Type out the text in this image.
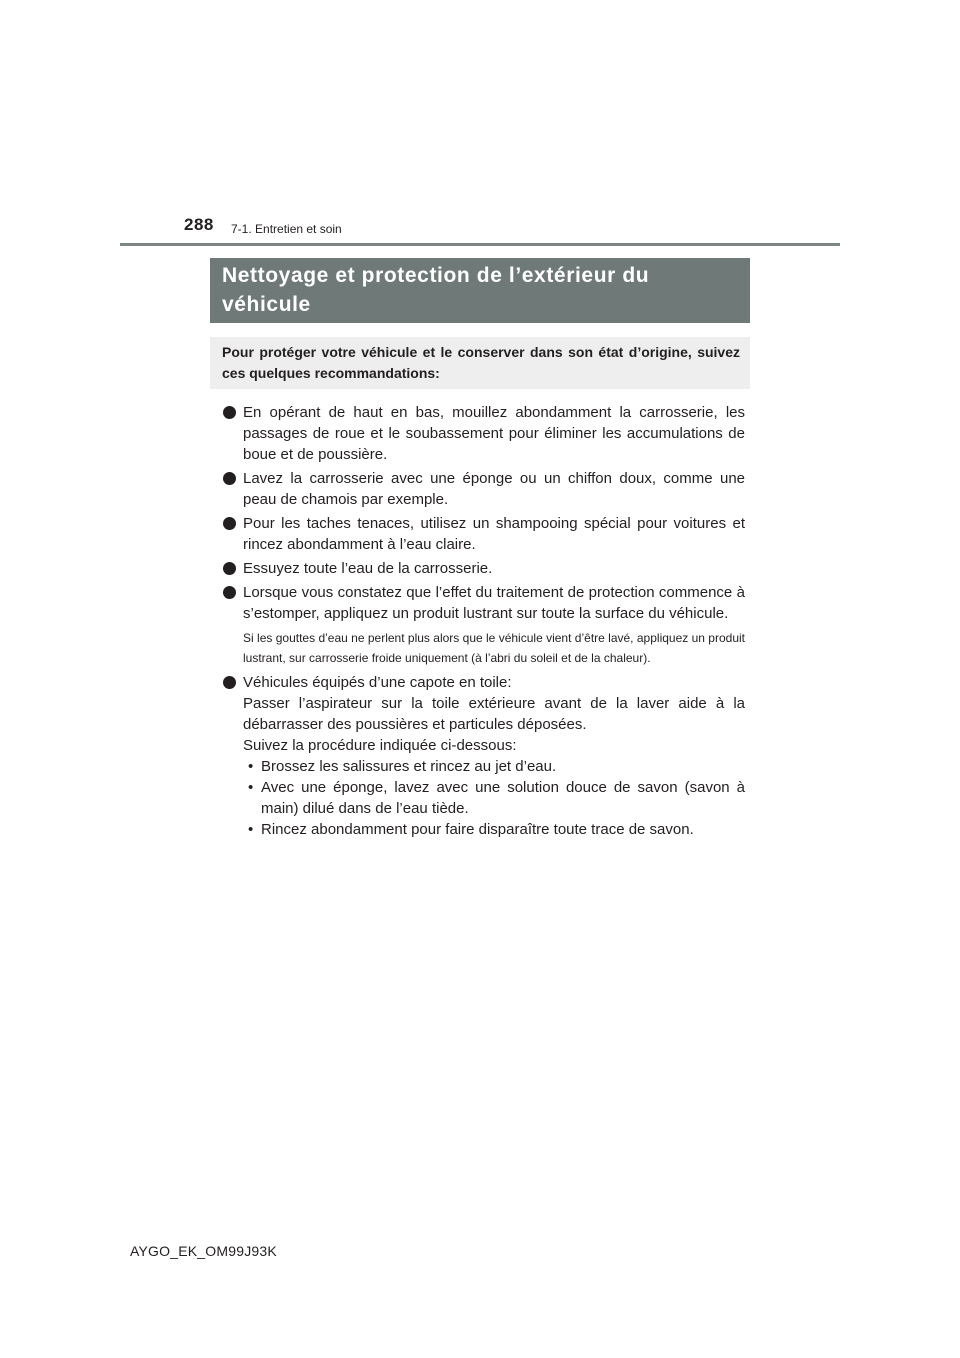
288 7-1. Entretien et soin
Nettoyage et protection de l’extérieur du
véhicule
Pour protéger votre véhicule et le conserver dans son état d’origine, suivez ces quelques recommandations:
En opérant de haut en bas, mouillez abondamment la carrosserie, les passages de roue et le soubassement pour éliminer les accumulations de boue et de poussière.
Lavez la carrosserie avec une éponge ou un chiffon doux, comme une peau de chamois par exemple.
Pour les taches tenaces, utilisez un shampooing spécial pour voitures et rincez abondamment à l’eau claire.
Essuyez toute l’eau de la carrosserie.
Lorsque vous constatez que l’effet du traitement de protection commence à s’estomper, appliquez un produit lustrant sur toute la surface du véhicule.
Si les gouttes d’eau ne perlent plus alors que le véhicule vient d’être lavé, appliquez un produit lustrant, sur carrosserie froide uniquement (à l’abri du soleil et de la chaleur).
Véhicules équipés d’une capote en toile:
Passer l’aspirateur sur la toile extérieure avant de la laver aide à la débarrasser des poussières et particules déposées.
Suivez la procédure indiquée ci-dessous:
• Brossez les salissures et rincez au jet d’eau.
• Avec une éponge, lavez avec une solution douce de savon (savon à main) dilué dans de l’eau tiède.
• Rincez abondamment pour faire disparaître toute trace de savon.
AYGO_EK_OM99J93K
